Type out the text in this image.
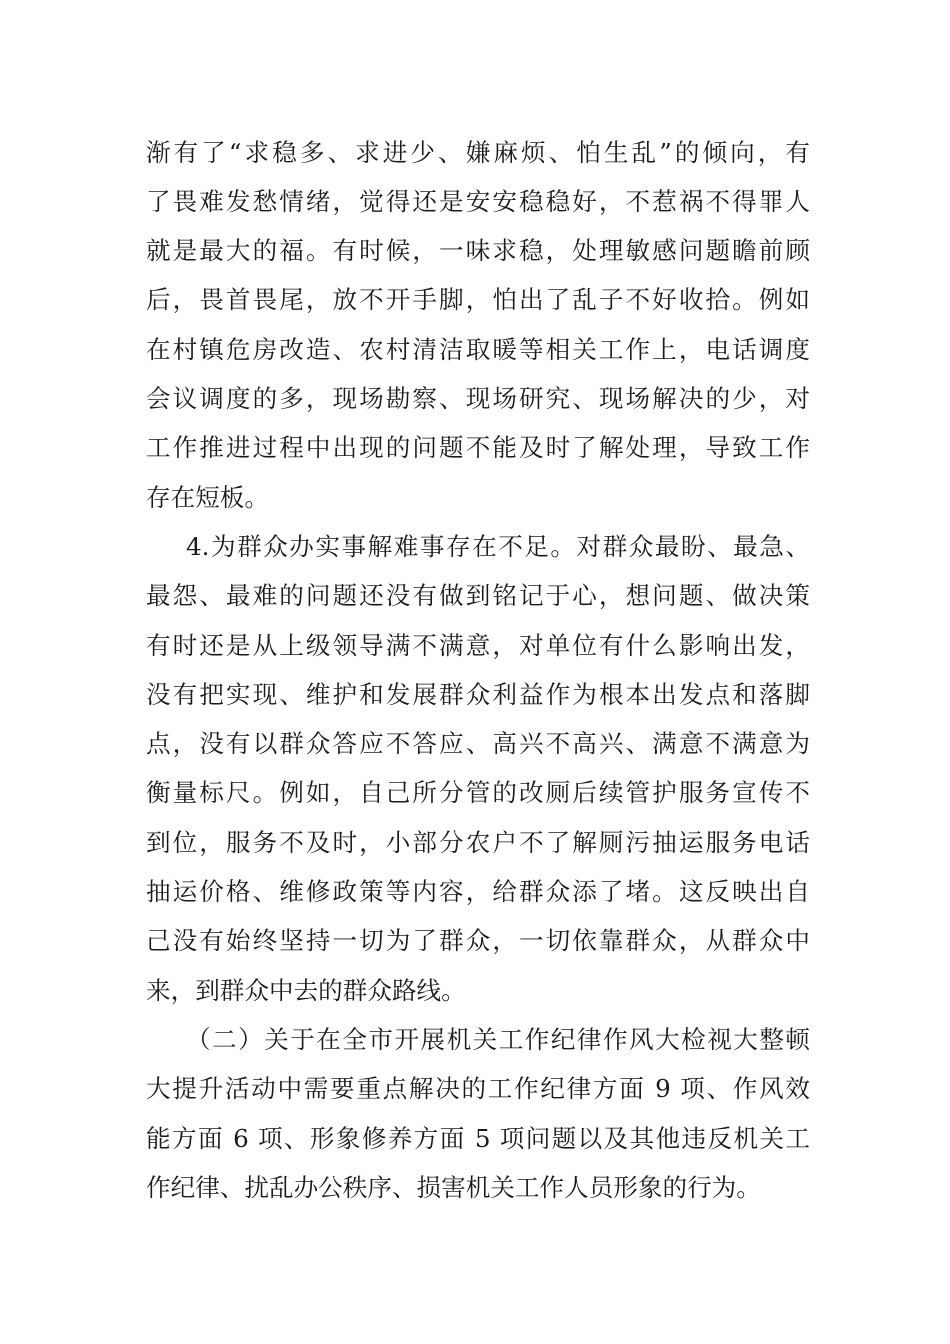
渐有了“求稳多、求进少、嫌麻烦、怕生乱”的倾向，有
了畏难发愁情绪，觉得还是安安稳稳好，不惹祸不得罪人
就是最大的福。有时候，一味求稳，处理敏感问题瞻前顾
后，畏首畏尾，放不开手脚，怕出了乱子不好收拾。例如
在村镇危房改造、农村清洁取暖等相关工作上，电话调度
会议调度的多，现场勘察、现场研究、现场解决的少，对
工作推进过程中出现的问题不能及时了解处理，导致工作
存在短板。
4.为群众办实事解难事存在不足。对群众最盼、最急、
最怨、最难的问题还没有做到铭记于心，想问题、做决策
有时还是从上级领导满不满意，对单位有什么影响出发，
没有把实现、维护和发展群众利益作为根本出发点和落脚
点，没有以群众答应不答应、高兴不高兴、满意不满意为
衡量标尺。例如，自己所分管的改厕后续管护服务宣传不
到位，服务不及时，小部分农户不了解厕污抽运服务电话
抽运价格、维修政策等内容，给群众添了堵。这反映出自
己没有始终坚持一切为了群众，一切依靠群众，从群众中
来，到群众中去的群众路线。
（二）关于在全市开展机关工作纪律作风大检视大整顿
大提升活动中需要重点解决的工作纪律方面 9 项、作风效
能方面 6 项、形象修养方面 5 项问题以及其他违反机关工
作纪律、扰乱办公秩序、损害机关工作人员形象的行为。
